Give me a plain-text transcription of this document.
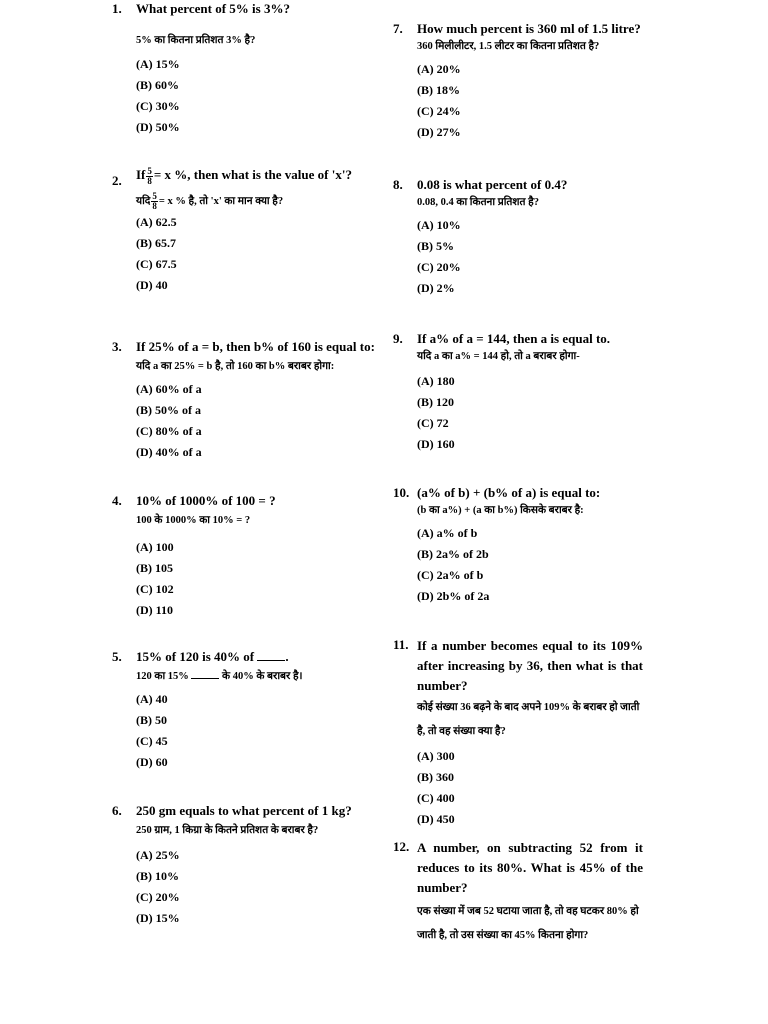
1. What percent of 5% is 3%?
5% का कितना प्रतिशत 3% है?
(A) 15%
(B) 60%
(C) 30%
(D) 50%
2. If $\frac{5}{8} = x$ %, then what is the value of 'x'?
यदि $\frac{5}{8} = x$ % है, तो 'x' का मान क्या है?
(A) 62.5
(B) 65.7
(C) 67.5
(D) 40
3. If 25% of a = b, then b% of 160 is equal to:
यदि a का 25% = b है, तो 160 का b% बराबर होगा:
(A) 60% of a
(B) 50% of a
(C) 80% of a
(D) 40% of a
4. 10% of 1000% of 100 = ?
100 के 1000% का 10% = ?
(A) 100
(B) 105
(C) 102
(D) 110
5. 15% of 120 is 40% of .
120 का 15%	के 40% के बराबर है।
(A) 40
(B) 50
(C) 45
(D) 60
6. 250 gm equals to what percent of 1 kg?
250 ग्राम, 1 किग्रा के कितने प्रतिशत के बराबर है?
(A) 25%
(B) 10%
(C) 20%
(D) 15%
7. How much percent is 360 ml of 1.5 litre?
360 मिलीलीटर, 1.5 लीटर का कितना प्रतिशत है?
(A) 20%
(B) 18%
(C) 24%
(D) 27%
8. 0.08 is what percent of 0.4?
0.08, 0.4 का कितना प्रतिशत है?
(A) 10%
(B) 5%
(C) 20%
(D) 2%
9. If a% of a = 144, then a is equal to.
यदि a का a% = 144 हो, तो a बराबर होगा-
(A) 180
(B) 120
(C) 72
(D) 160
10. (a% of b) + (b% of a) is equal to:
(b का a%) + (a का b%) किसके बराबर है:
(A) a% of b
(B) 2a% of 2b
(C) 2a% of b
(D) 2b% of 2a
11. If a number becomes equal to its 109% after increasing by 36, then what is that number?
कोई संख्या 36 बढ़ने के बाद अपने 109% के बराबर हो जाती है, तो वह संख्या क्या है?
(A) 300
(B) 360
(C) 400
(D) 450
12. A number, on subtracting 52 from it reduces to its 80%. What is 45% of the number?
एक संख्या में जब 52 घटाया जाता है, तो वह घटकर 80% हो जाती है, तो उस संख्या का 45% कितना होगा?
